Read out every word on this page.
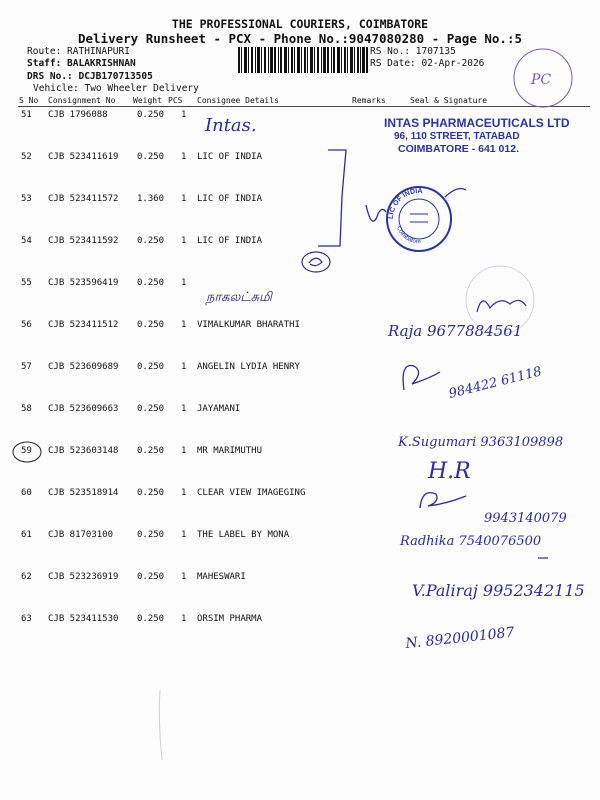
THE PROFESSIONAL COURIERS, COIMBATORE
Delivery Runsheet - PCX - Phone No.:9047080280 - Page No.:5
Route: RATHINAPURI
Staff: BALAKRISHNAN
DRS No.: DCJB170713505
Vehicle: Two Wheeler Delivery
RS No.: 1707135
RS Date: 02-Apr-2026
S No Consignment No Weight PCS Consignee Details	Remarks	Seal & Signature
51 CJB 1796088	0.250 1
52 CJB 523411619 0.250 1 LIC OF INDIA
53 CJB 523411572 1.360 1 LIC OF INDIA
54 CJB 523411592 0.250 1 LIC OF INDIA
55 CJB 523596419 0.250 1
56 CJB 523411512 0.250 1 VIMALKUMAR BHARATHI
57 CJB 523609689 0.250 1 ANGELIN LYDIA HENRY
58 CJB 523609663 0.250 1 JAYAMANI
59 CJB 523603148 0.250 1 MR MARIMUTHU
60 CJB 523518914 0.250 1 CLEAR VIEW IMAGEGING
61 CJB 81703100	0.250 1 THE LABEL BY MONA
62 CJB 523236919 0.250 1 MAHESWARI
63 CJB 523411530 0.250 1 ORSIM PHARMA
INTAS PHARMACEUTICALS LTD
96, 110 STREET, TATABAD
COIMBATORE - 641 012.
PC
Intas.
LIC OF INDIA
Coimbatore
நாகலட்சுமி
Raja 9677884561
984422 61118
K.Sugumari 9363109898
H.R
9943140079
Radhika 7540076500
V.Paliraj 9952342115
N. 8920001087
